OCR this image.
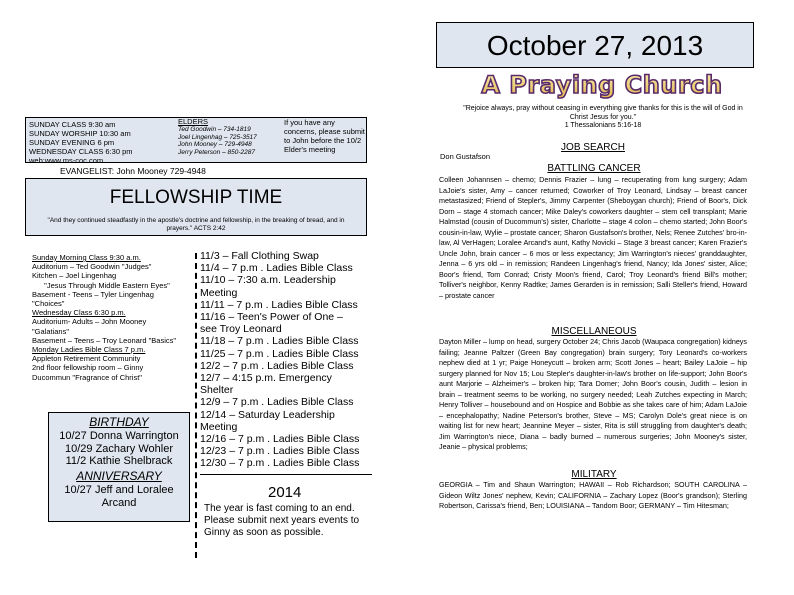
October 27, 2013
A Praying Church
"Rejoice always, pray without ceasing in everything give thanks for this is the will of God in Christ Jesus for you."
1 Thessalonians 5:16-18
JOB SEARCH
Don Gustafson
BATTLING CANCER
Colleen Johannsen – chemo; Dennis Frazier – lung – recuperating from lung surgery; Adam LaJoie's sister, Amy – cancer returned; Coworker of Troy Leonard, Lindsay – breast cancer metastasized; Friend of Stepler's, Jimmy Carpenter (Sheboygan church); Friend of Boor's, Dick Dorn – stage 4 stomach cancer; Mike Daley's coworkers daughter – stem cell transplant; Marie Halmstad (cousin of Ducommun's) sister, Charlotte – stage 4 colon – chemo started; John Boor's cousin-in-law, Wylie – prostate cancer; Sharon Gustafson's brother, Nels; Renee Zutches' bro-in-law, Al VerHagen; Loralee Arcand's aunt, Kathy Novicki – Stage 3 breast cancer; Karen Frazier's Uncle John, brain cancer – 6 mos or less expectancy; Jim Warrington's nieces' granddaughter, Jenna – 6 yrs old – in remission; Randeen Lingenhag's friend, Nancy; Ida Jones' sister, Alice; Boor's friend, Tom Conrad; Cristy Moon's friend, Carol; Troy Leonard's friend Bill's mother; Tolliver's neighbor, Kenny Radtke; James Gerarden is in remission; Salli Steller's friend, Howard – prostate cancer
MISCELLANEOUS
Dayton Miller – lump on head, surgery October 24; Chris Jacob (Waupaca congregation) kidneys failing; Jeanne Paltzer (Green Bay congregation) brain surgery; Tory Leonard's co-workers nephew died at 1 yr; Paige Honeycutt – broken arm; Scott Jones – heart; Bailey LaJoie – hip surgery planned for Nov 15; Lou Stepler's daughter-in-law's brother on life-support; John Boor's aunt Marjorie – Alzheimer's – broken hip; Tara Domer; John Boor's cousin, Judith – lesion in brain – treatment seems to be working, no surgery needed; Leah Zutches expecting in March; Henry Tolliver – housebound and on Hospice and Bobbie as she takes care of him; Adam LaJoie – encephalopathy; Nadine Peterson's brother, Steve – MS; Carolyn Dole's great niece is on waiting list for new heart; Jeannine Meyer – sister, Rita is still struggling from daughter's death; Jim Warrington's niece, Diana – badly burned – numerous surgeries; John Mooney's sister, Jeanie – physical problems;
MILITARY
GEORGIA – Tim and Shaun Warrington; HAWAII – Rob Richardson; SOUTH CAROLINA – Gideon Wiltz Jones' nephew, Kevin; CALIFORNIA – Zachary Lopez (Boor's grandson); Sterling Robertson, Carissa's friend, Ben; LOUISIANA – Tandom Boor; GERMANY – Tim Hitesman;
SUNDAY CLASS 9:30 am
SUNDAY WORSHIP 10:30 am
SUNDAY EVENING 6 pm
WEDNESDAY CLASS 6:30 pm
web:www.ms-coc.com
ELDERS
Ted Goodwin – 734-1819
Joel Lingenhag – 725-3517
John Mooney – 729-4948
Jerry Peterson – 850-2287
If you have any concerns, please submit to John before the 10/2 Elder's meeting
EVANGELIST: John Mooney 729-4948
FELLOWSHIP TIME
"And they continued steadfastly in the apostle's doctrine and fellowship, in the breaking of bread, and in prayers." ACTS 2:42
Sunday Morning Class 9:30 a.m.
Auditorium – Ted Goodwin "Judges"
Kitchen – Joel Lingenhag
"Jesus Through Middle Eastern Eyes"
Basement - Teens – Tyler Lingenhag "Choices"
Wednesday Class 6:30 p.m.
Auditorium- Adults – John Mooney "Galatians"
Basement – Teens – Troy Leonard "Basics"
Monday Ladies Bible Class 7 p.m.
Appleton Retirement Community
2nd floor fellowship room – Ginny Ducommun "Fragrance of Christ"
BIRTHDAY
10/27 Donna Warrington
10/29 Zachary Wohler
11/2 Kathie Shelbrack
ANNIVERSARY
10/27 Jeff and Loralee Arcand
11/3 – Fall Clothing Swap
11/4 – 7 p.m . Ladies Bible Class
11/10 – 7:30 a.m. Leadership
Meeting
11/11 – 7 p.m . Ladies Bible Class
11/16 – Teen's Power of One –
see Troy Leonard
11/18 – 7 p.m . Ladies Bible Class
11/25 – 7 p.m . Ladies Bible Class
12/2 – 7 p.m . Ladies Bible Class
12/7 – 4:15 p.m. Emergency
Shelter
12/9 – 7 p.m . Ladies Bible Class
12/14 – Saturday Leadership
Meeting
12/16 – 7 p.m . Ladies Bible Class
12/23 – 7 p.m . Ladies Bible Class
12/30 – 7 p.m . Ladies Bible Class
2014
The year is fast coming to an end. Please submit next years events to Ginny as soon as possible.
